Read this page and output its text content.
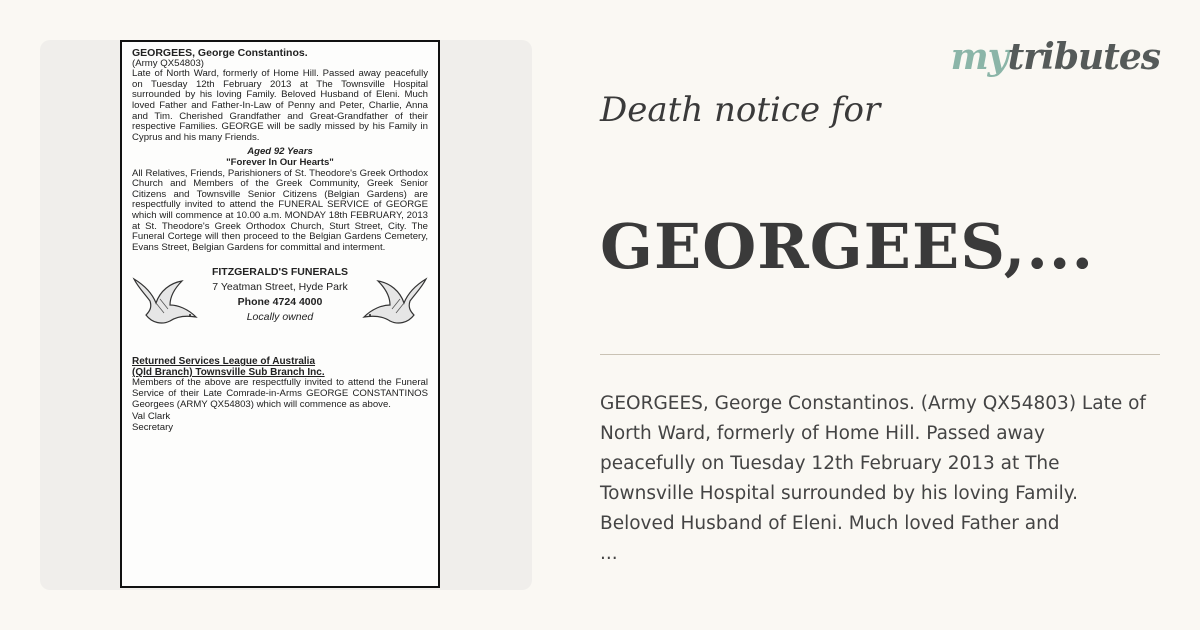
GEORGEES, George Constantinos.
(Army QX54803)

Late of North Ward, formerly of Home Hill. Passed away peacefully on Tuesday 12th February 2013 at The Townsville Hospital surrounded by his loving Family. Beloved Husband of Eleni. Much loved Father and Father-In-Law of Penny and Peter, Charlie, Anna and Tim. Cherished Grandfather and Great-Grandfather of their respective Families. GEORGE will be sadly missed by his Family in Cyprus and his many Friends.

Aged 92 Years
"Forever In Our Hearts"

All Relatives, Friends, Parishioners of St. Theodore's Greek Orthodox Church and Members of the Greek Community, Greek Senior Citizens and Townsville Senior Citizens (Belgian Gardens) are respectfully invited to attend the FUNERAL SERVICE of GEORGE which will commence at 10.00 a.m. MONDAY 18th FEBRUARY, 2013 at St. Theodore's Greek Orthodox Church, Sturt Street, City. The Funeral Cortege will then proceed to the Belgian Gardens Cemetery, Evans Street, Belgian Gardens for committal and interment.

FITZGERALD'S FUNERALS
7 Yeatman Street, Hyde Park
Phone 4724 4000
Locally owned
Returned Services League of Australia
(Qld Branch) Townsville Sub Branch Inc.

Members of the above are respectfully invited to attend the Funeral Service of their Late Comrade-in-Arms GEORGE CONSTANTINOS Georgees (ARMY QX54803) which will commence as above.

Val Clark
Secretary
mytributes
Death notice for
GEORGEES,...
GEORGEES, George Constantinos. (Army QX54803) Late of
North Ward, formerly of Home Hill. Passed away
peacefully on Tuesday 12th February 2013 at The
Townsville Hospital surrounded by his loving Family.
Beloved Husband of Eleni. Much loved Father and
...
